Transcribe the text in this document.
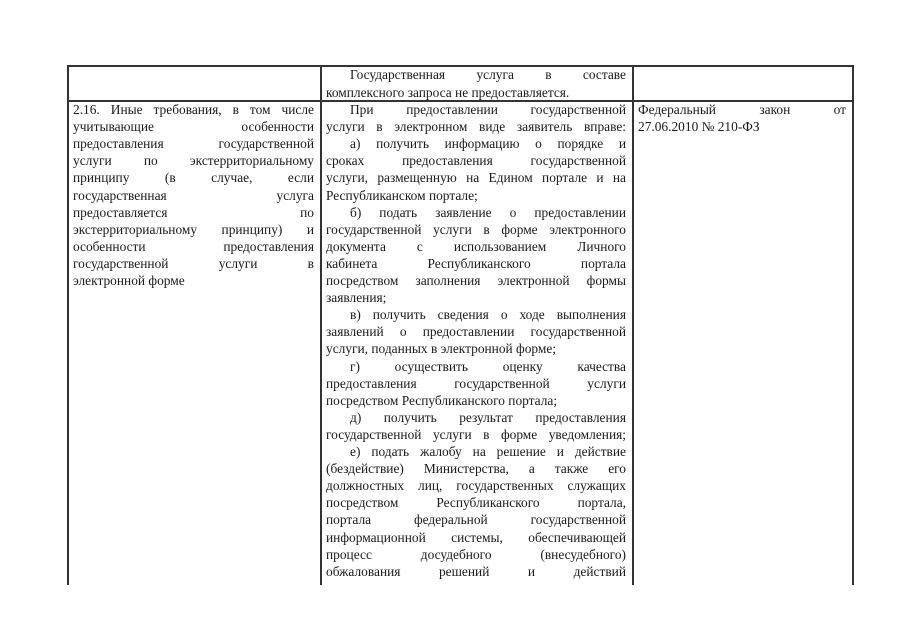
Государственная услуга в составе
комплексного запроса не предоставляется.
2.16. Иные требования, в том числе
учитывающие особенности
предоставления государственной
услуги по экстерриториальному
принципу (в случае, если
государственная услуга
предоставляется по
экстерриториальному принципу) и
особенности предоставления
государственной услуги в
электронной форме
При предоставлении государственной
услуги в электронном виде заявитель вправе:
а) получить информацию о порядке и
сроках предоставления государственной
услуги, размещенную на Едином портале и на
Республиканском портале;
б) подать заявление о предоставлении
государственной услуги в форме электронного
документа с использованием Личного
кабинета Республиканского портала
посредством заполнения электронной формы
заявления;
в) получить сведения о ходе выполнения
заявлений о предоставлении государственной
услуги, поданных в электронной форме;
г) осуществить оценку качества
предоставления государственной услуги
посредством Республиканского портала;
д) получить результат предоставления
государственной услуги в форме уведомления;
е) подать жалобу на решение и действие
(бездействие) Министерства, а также его
должностных лиц, государственных служащих
посредством Республиканского портала,
портала федеральной государственной
информационной системы, обеспечивающей
процесс досудебного (внесудебного)
обжалования решений и действий
Федеральный закон от
27.06.2010 № 210-ФЗ
